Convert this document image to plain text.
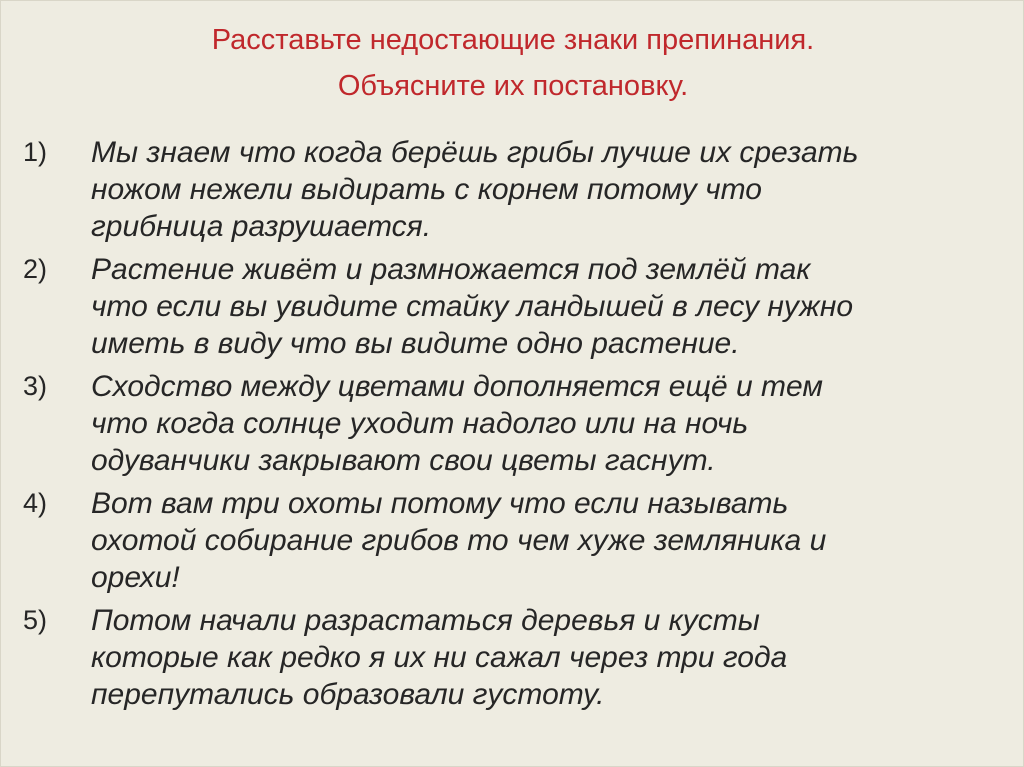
Расставьте недостающие знаки препинания.
Объясните их постановку.
1)	Мы знаем что когда берёшь грибы лучше их срезать
ножом нежели выдирать с корнем потому что
грибница разрушается.
2)	Растение живёт и размножается под землёй так
что если вы увидите стайку ландышей в лесу нужно
иметь в виду что вы видите одно растение.
3)	Сходство между цветами дополняется ещё и тем
что когда солнце уходит надолго или на ночь
одуванчики закрывают свои цветы гаснут.
4)	Вот вам три охоты потому что если называть
охотой собирание грибов то чем хуже земляника и
орехи!
5)	Потом начали разрастаться деревья и кусты
которые как редко я их ни сажал через три года
перепутались образовали густоту.
